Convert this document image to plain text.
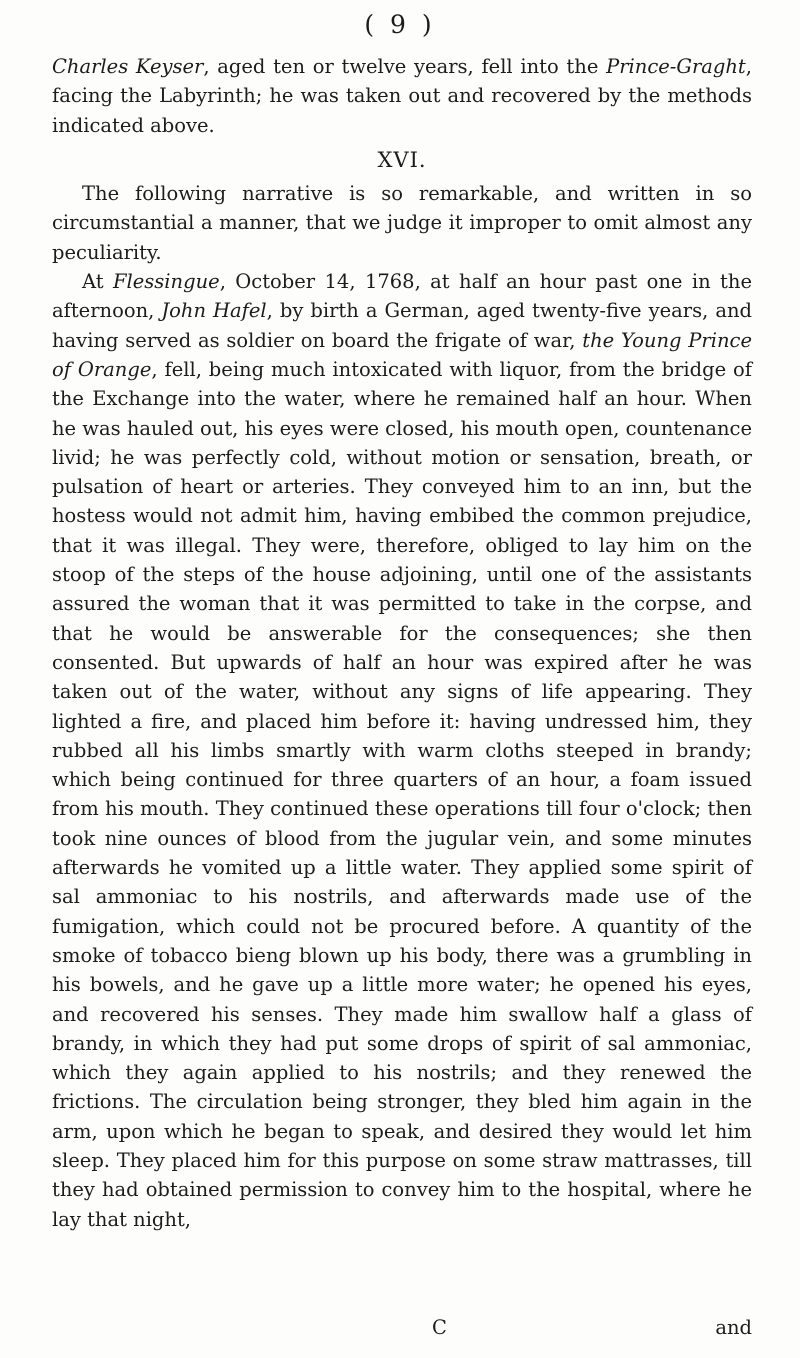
( 9 )

Charles Keyser, aged ten or twelve years, fell into the Prince-Graght, facing the Labyrinth; he was taken out and recovered by the methods indicated above.

XVI.

The following narrative is so remarkable, and written in so circumstantial a manner, that we judge it improper to omit almost any peculiarity.

At Flessingue, October 14, 1768, at half an hour past one in the afternoon, John Hafel, by birth a German, aged twenty-five years, and having served as soldier on board the frigate of war, the Young Prince of Orange, fell, being much intoxicated with liquor, from the bridge of the Exchange into the water, where he remained half an hour. When he was hauled out, his eyes were closed, his mouth open, countenance livid; he was perfectly cold, without motion or sensation, breath, or pulsation of heart or arteries. They conveyed him to an inn, but the hostess would not admit him, having embibed the common prejudice, that it was illegal. They were, therefore, obliged to lay him on the stoop of the steps of the house adjoining, until one of the assistants assured the woman that it was permitted to take in the corpse, and that he would be answerable for the consequences; she then consented. But upwards of half an hour was expired after he was taken out of the water, without any signs of life appearing. They lighted a fire, and placed him before it: having undressed him, they rubbed all his limbs smartly with warm cloths steeped in brandy; which being continued for three quarters of an hour, a foam issued from his mouth. They continued these operations till four o'clock; then took nine ounces of blood from the jugular vein, and some minutes afterwards he vomited up a little water. They applied some spirit of sal ammoniac to his nostrils, and afterwards made use of the fumigation, which could not be procured before. A quantity of the smoke of tobacco bieng blown up his body, there was a grumbling in his bowels, and he gave up a little more water; he opened his eyes, and recovered his senses. They made him swallow half a glass of brandy, in which they had put some drops of spirit of sal ammoniac, which they again applied to his nostrils; and they renewed the frictions. The circulation being stronger, they bled him again in the arm, upon which he began to speak, and desired they would let him sleep. They placed him for this purpose on some straw mattrasses, till they had obtained permission to convey him to the hospital, where he lay that night,

C	and
